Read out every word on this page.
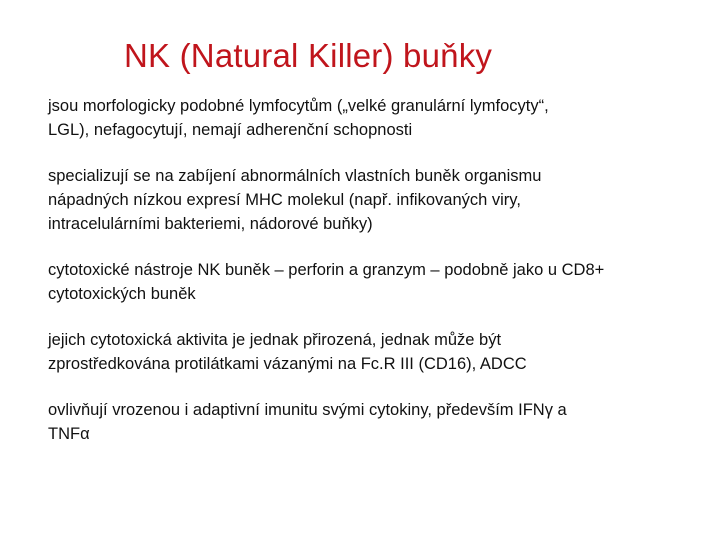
NK (Natural Killer) buňky

jsou morfologicky podobné lymfocytům („velké granulární lymfocyty“,
LGL), nefagocytují, nemají adherenční schopnosti

specializují se na zabíjení abnormálních vlastních buněk organismu
nápadných nízkou expresí MHC molekul (např. infikovaných viry,
intracelulárními bakteriemi, nádorové buňky)

cytotoxické nástroje NK buněk – perforin a granzym – podobně jako u CD8+
cytotoxických buněk

jejich cytotoxická aktivita je jednak přirozená, jednak může být
zprostředkována protilátkami vázanými na Fc.R III (CD16), ADCC

ovlivňují vrozenou i adaptivní imunitu svými cytokiny, především IFNγ a
TNFα
